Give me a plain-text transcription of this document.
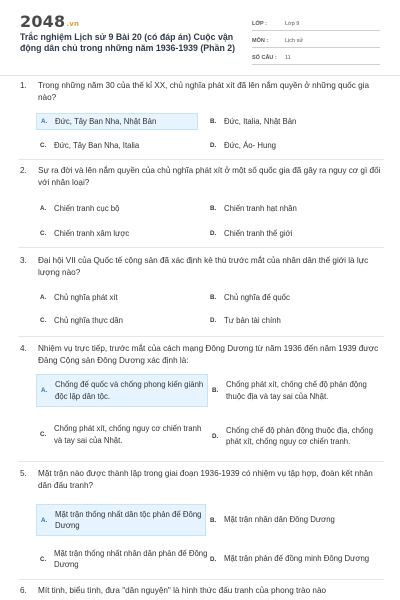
2048.vn
Trắc nghiệm Lịch sử 9 Bài 20 (có đáp án) Cuộc vận động dân chủ trong những năm 1936-1939 (Phần 2)
LỚP :	Lớp 9
MÔN :	Lịch sử
SỐ CÂU :	11
1. Trong những năm 30 của thế kỉ XX, chủ nghĩa phát xít đã lên nắm quyền ở những quốc gia nào?
A.	Đức, Tây Ban Nha, Nhật Bản	B.	Đức, Italia, Nhật Bản
C.	Đức, Tây Ban Nha, Italia	D.	Đức, Áo- Hung
2. Sự ra đời và lên nắm quyền của chủ nghĩa phát xít ở một số quốc gia đã gây ra nguy cơ gì đối với nhân loại?
A.	Chiến tranh cục bộ	B.	Chiến tranh hạt nhân
C.	Chiến tranh xâm lược	D.	Chiến tranh thế giới
3. Đại hội VII của Quốc tế cộng sản đã xác định kẻ thù trước mắt của nhân dân thế giới là lực lượng nào?
A.	Chủ nghĩa phát xít	B.	Chủ nghĩa đế quốc
C.	Chủ nghĩa thực dân	D.	Tư bản tài chính
4. Nhiệm vụ trực tiếp, trước mắt của cách mạng Đông Dương từ năm 1936 đến năm 1939 được Đảng Cộng sản Đông Dương xác định là:
A.
Chống đế quốc và chống phong kiến giành độc lập dân tộc.
B.
Chống phát xít, chống chế độ phản động thuộc địa và tay sai của Nhật.
C.
Chống phát xít, chống nguy cơ chiến tranh và tay sai của Nhật.	D.
Chống chế độ phản động thuộc địa, chống phát xít, chống nguy cơ chiến tranh.
5. Mặt trận nào được thành lập trong giai đoạn 1936-1939 có nhiệm vụ tập hợp, đoàn kết nhân dân đấu tranh?
A.
Mặt trận thống nhất dân tộc phản đế Đông Dương
B.	Mặt trận nhân dân Đông Dương
C.
Mặt trận thống nhất nhân dân phản đế Đông Dương
D.	Mặt trận phản đế đồng minh Đông Dương
6. Mít tinh, biểu tình, đưa "dân nguyện" là hình thức đấu tranh của phong trào nào
